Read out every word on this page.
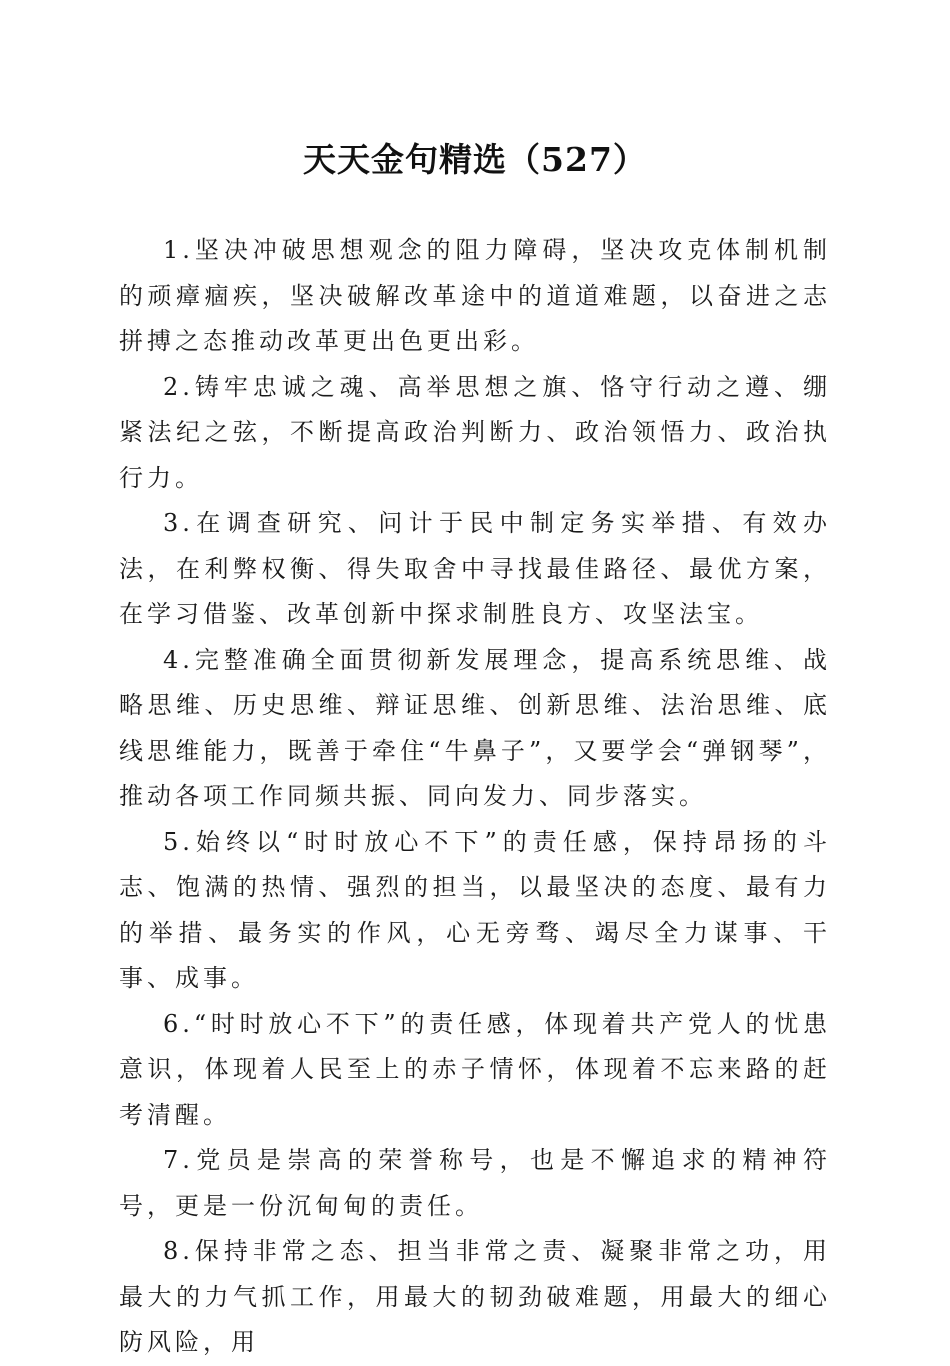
天天金句精选（527）

1.坚决冲破思想观念的阻力障碍，坚决攻克体制机制的顽瘴痼疾，坚决破解改革途中的道道难题，以奋进之志拼搏之态推动改革更出色更出彩。

2.铸牢忠诚之魂、高举思想之旗、恪守行动之遵、绷紧法纪之弦，不断提高政治判断力、政治领悟力、政治执行力。

3.在调查研究、问计于民中制定务实举措、有效办法，在利弊权衡、得失取舍中寻找最佳路径、最优方案，在学习借鉴、改革创新中探求制胜良方、攻坚法宝。

4.完整准确全面贯彻新发展理念，提高系统思维、战略思维、历史思维、辩证思维、创新思维、法治思维、底线思维能力，既善于牵住“牛鼻子”，又要学会“弹钢琴”，推动各项工作同频共振、同向发力、同步落实。

5.始终以“时时放心不下”的责任感，保持昂扬的斗志、饱满的热情、强烈的担当，以最坚决的态度、最有力的举措、最务实的作风，心无旁骛、竭尽全力谋事、干事、成事。

6.“时时放心不下”的责任感，体现着共产党人的忧患意识，体现着人民至上的赤子情怀，体现着不忘来路的赶考清醒。

7.党员是崇高的荣誉称号，也是不懈追求的精神符号，更是一份沉甸甸的责任。

8.保持非常之态、担当非常之责、凝聚非常之功，用最大的力气抓工作，用最大的韧劲破难题，用最大的细心防风险，用
